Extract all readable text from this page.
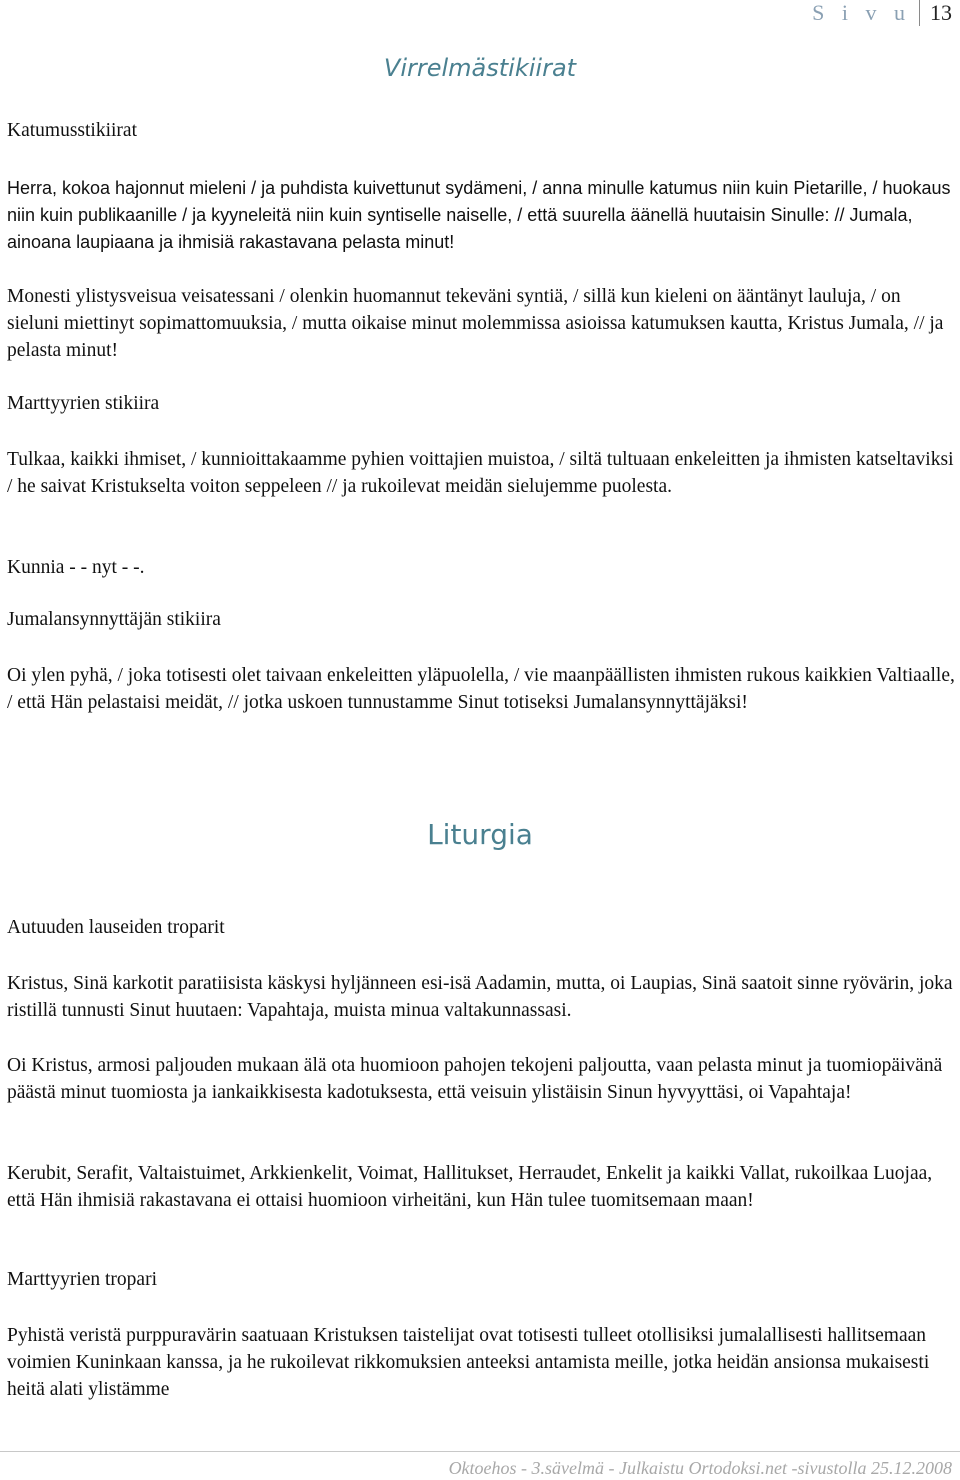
S i v u 13
Virrelmästikiirat
Katumusstikiirat
Herra, kokoa hajonnut mieleni / ja puhdista kuivettunut sydämeni, / anna minulle katumus niin kuin Pietarille, / huokaus niin kuin publikaanille / ja kyyneleitä niin kuin syntiselle naiselle, / että suurella äänellä huutaisin Sinulle: // Jumala, ainoana laupiaana ja ihmisiä rakastavana pelasta minut!
Monesti ylistysveisua veisatessani / olenkin huomannut tekeväni syntiä, / sillä kun kieleni on ääntänyt lauluja, / on sieluni miettinyt sopimattomuuksia, / mutta oikaise minut molemmissa asioissa katumuksen kautta, Kristus Jumala, // ja pelasta minut!
Marttyyrien stikiira
Tulkaa, kaikki ihmiset, / kunnioittakaamme pyhien voittajien muistoa, / siltä tultuaan enkeleitten ja ihmisten katseltaviksi / he saivat Kristukselta voiton seppeleen // ja rukoilevat meidän sielujemme puolesta.
Kunnia - - nyt - -.
Jumalansynnyttäjän stikiira
Oi ylen pyhä, / joka totisesti olet taivaan enkeleitten yläpuolella, / vie maanpäällisten ihmisten rukous kaikkien Valtiaalle, / että Hän pelastaisi meidät, // jotka uskoen tunnustamme Sinut totiseksi Jumalansynnyttäjäksi!
Liturgia
Autuuden lauseiden troparit
Kristus, Sinä karkotit paratiisista käskysi hyljänneen esi-isä Aadamin, mutta, oi Laupias, Sinä saatoit sinne ryövärin, joka ristillä tunnusti Sinut huutaen: Vapahtaja, muista minua valtakunnassasi.
Oi Kristus, armosi paljouden mukaan älä ota huomioon pahojen tekojeni paljoutta, vaan pelasta minut ja tuomiopäivänä päästä minut tuomiosta ja iankaikkisesta kadotuksesta, että veisuin ylistäisin Sinun hyvyyttäsi, oi Vapahtaja!
Kerubit, Serafit, Valtaistuimet, Arkkienkelit, Voimat, Hallitukset, Herraudet, Enkelit ja kaikki Vallat, rukoilkaa Luojaa, että Hän ihmisiä rakastavana ei ottaisi huomioon virheitäni, kun Hän tulee tuomitsemaan maan!
Marttyyrien tropari
Pyhistä veristä purppuravärin saatuaan Kristuksen taistelijat ovat totisesti tulleet otollisiksi jumalallisesti hallitsemaan voimien Kuninkaan kanssa, ja he rukoilevat rikkomuksien anteeksi antamista meille, jotka heidän ansionsa mukaisesti heitä alati ylistämme
Oktoehos - 3.sävelmä - Julkaistu Ortodoksi.net -sivustolla 25.12.2008
